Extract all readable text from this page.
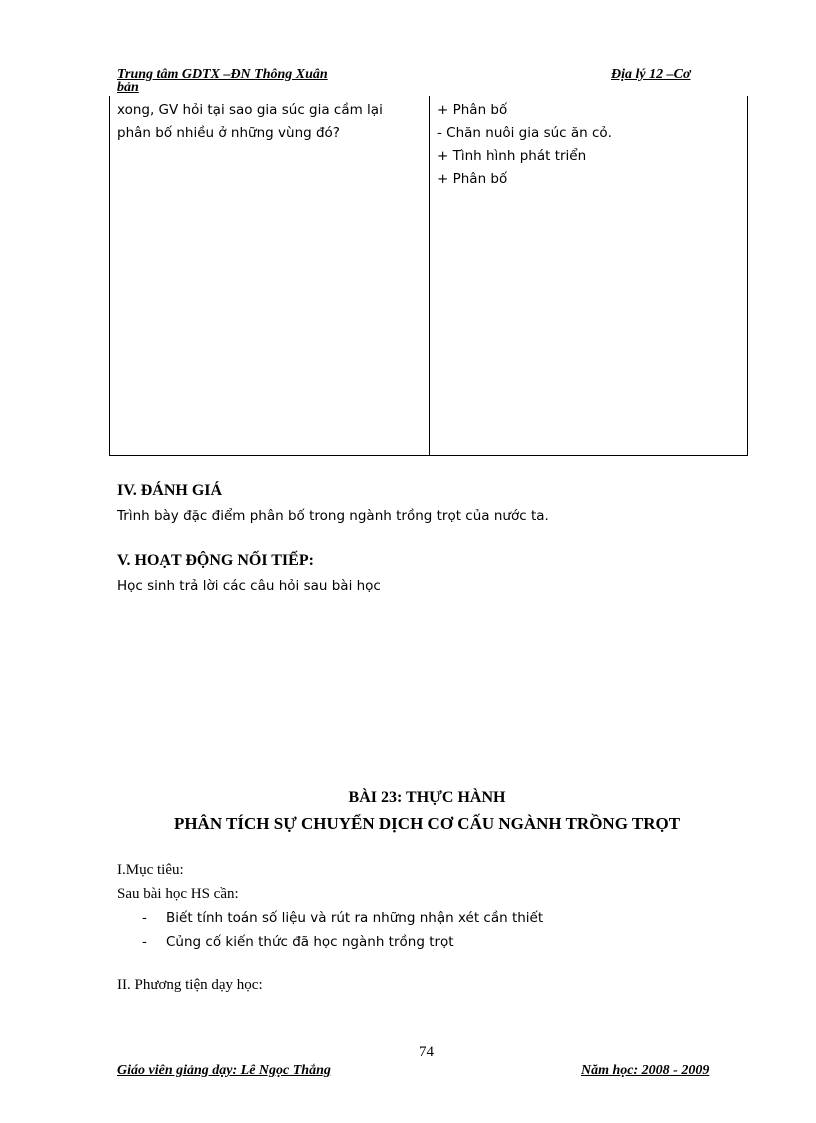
Trung tâm GDTX –ĐN Thông Xuân
bản
Địa lý 12 –Cơ
xong, GV hỏi tại sao gia súc gia cầm lại
phân bố nhiều ở những vùng đó?
+ Phân bố
- Chăn nuôi gia súc ăn cỏ.
+ Tình hình phát triển
+ Phân bố
IV. ĐÁNH GIÁ
Trình bày đặc điểm phân bố trong ngành trồng trọt của nước ta.
V. HOẠT ĐỘNG NỐI TIẾP:
Học sinh trả lời các câu hỏi sau bài học
BÀI 23: THỰC HÀNH
PHÂN TÍCH SỰ CHUYỂN DỊCH CƠ CẤU NGÀNH TRỒNG TRỌT
I.Mục tiêu:
Sau bài học HS cần:
- Biết tính toán số liệu và rút ra những nhận xét cần thiết
- Củng cố kiến thức đã học ngành trồng trọt
II. Phương tiện dạy học:
74
Giáo viên giảng dạy: Lê Ngọc Thắng	Năm học: 2008 - 2009
